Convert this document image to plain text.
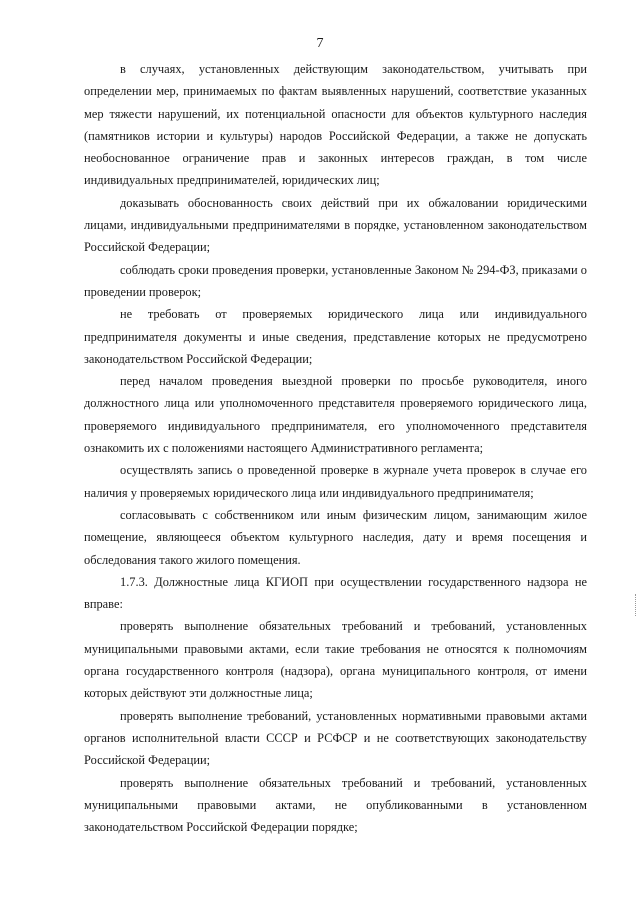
7

в случаях, установленных действующим законодательством, учитывать при определении мер, принимаемых по фактам выявленных нарушений, соответствие указанных мер тяжести нарушений, их потенциальной опасности для объектов культурного наследия (памятников истории и культуры) народов Российской Федерации, а также не допускать необоснованное ограничение прав и законных интересов граждан, в том числе индивидуальных предпринимателей, юридических лиц;

доказывать обоснованность своих действий при их обжаловании юридическими лицами, индивидуальными предпринимателями в порядке, установленном законодательством Российской Федерации;

соблюдать сроки проведения проверки, установленные Законом № 294-ФЗ, приказами о проведении проверок;

не требовать от проверяемых юридического лица или индивидуального предпринимателя документы и иные сведения, представление которых не предусмотрено законодательством Российской Федерации;

перед началом проведения выездной проверки по просьбе руководителя, иного должностного лица или уполномоченного представителя проверяемого юридического лица, проверяемого индивидуального предпринимателя, его уполномоченного представителя ознакомить их с положениями настоящего Административного регламента;

осуществлять запись о проведенной проверке в журнале учета проверок в случае его наличия у проверяемых юридического лица или индивидуального предпринимателя;

согласовывать с собственником или иным физическим лицом, занимающим жилое помещение, являющееся объектом культурного наследия, дату и время посещения и обследования такого жилого помещения.

1.7.3. Должностные лица КГИОП при осуществлении государственного надзора не вправе:

проверять выполнение обязательных требований и требований, установленных муниципальными правовыми актами, если такие требования не относятся к полномочиям органа государственного контроля (надзора), органа муниципального контроля, от имени которых действуют эти должностные лица;

проверять выполнение требований, установленных нормативными правовыми актами органов исполнительной власти СССР и РСФСР и не соответствующих законодательству Российской Федерации;

проверять выполнение обязательных требований и требований, установленных муниципальными правовыми актами, не опубликованными в установленном законодательством Российской Федерации порядке;
